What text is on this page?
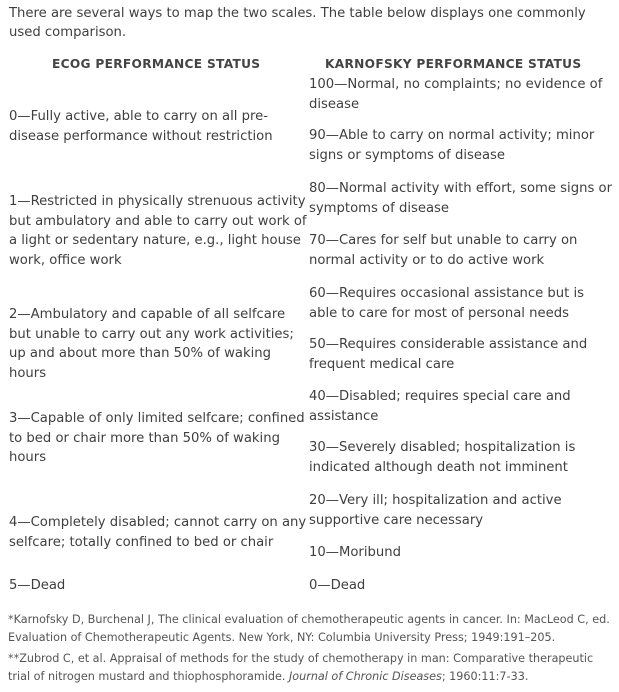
There are several ways to map the two scales. The table below displays one commonly used comparison.
ECOG PERFORMANCE STATUS	KARNOFSKY PERFORMANCE STATUS
0—Fully active, able to carry on all pre-disease performance without restriction
1—Restricted in physically strenuous activity but ambulatory and able to carry out work of a light or sedentary nature, e.g., light house work, office work
2—Ambulatory and capable of all selfcare but unable to carry out any work activities; up and about more than 50% of waking hours
3—Capable of only limited selfcare; confined to bed or chair more than 50% of waking hours
4—Completely disabled; cannot carry on any selfcare; totally confined to bed or chair
5—Dead
100—Normal, no complaints; no evidence of disease
90—Able to carry on normal activity; minor signs or symptoms of disease
80—Normal activity with effort, some signs or symptoms of disease
70—Cares for self but unable to carry on normal activity or to do active work
60—Requires occasional assistance but is able to care for most of personal needs
50—Requires considerable assistance and frequent medical care
40—Disabled; requires special care and assistance
30—Severely disabled; hospitalization is indicated although death not imminent
20—Very ill; hospitalization and active supportive care necessary
10—Moribund
0—Dead
*Karnofsky D, Burchenal J, The clinical evaluation of chemotherapeutic agents in cancer. In: MacLeod C, ed. Evaluation of Chemotherapeutic Agents. New York, NY: Columbia University Press; 1949:191–205.
**Zubrod C, et al. Appraisal of methods for the study of chemotherapy in man: Comparative therapeutic trial of nitrogen mustard and thiophosphoramide. Journal of Chronic Diseases; 1960:11:7-33.
